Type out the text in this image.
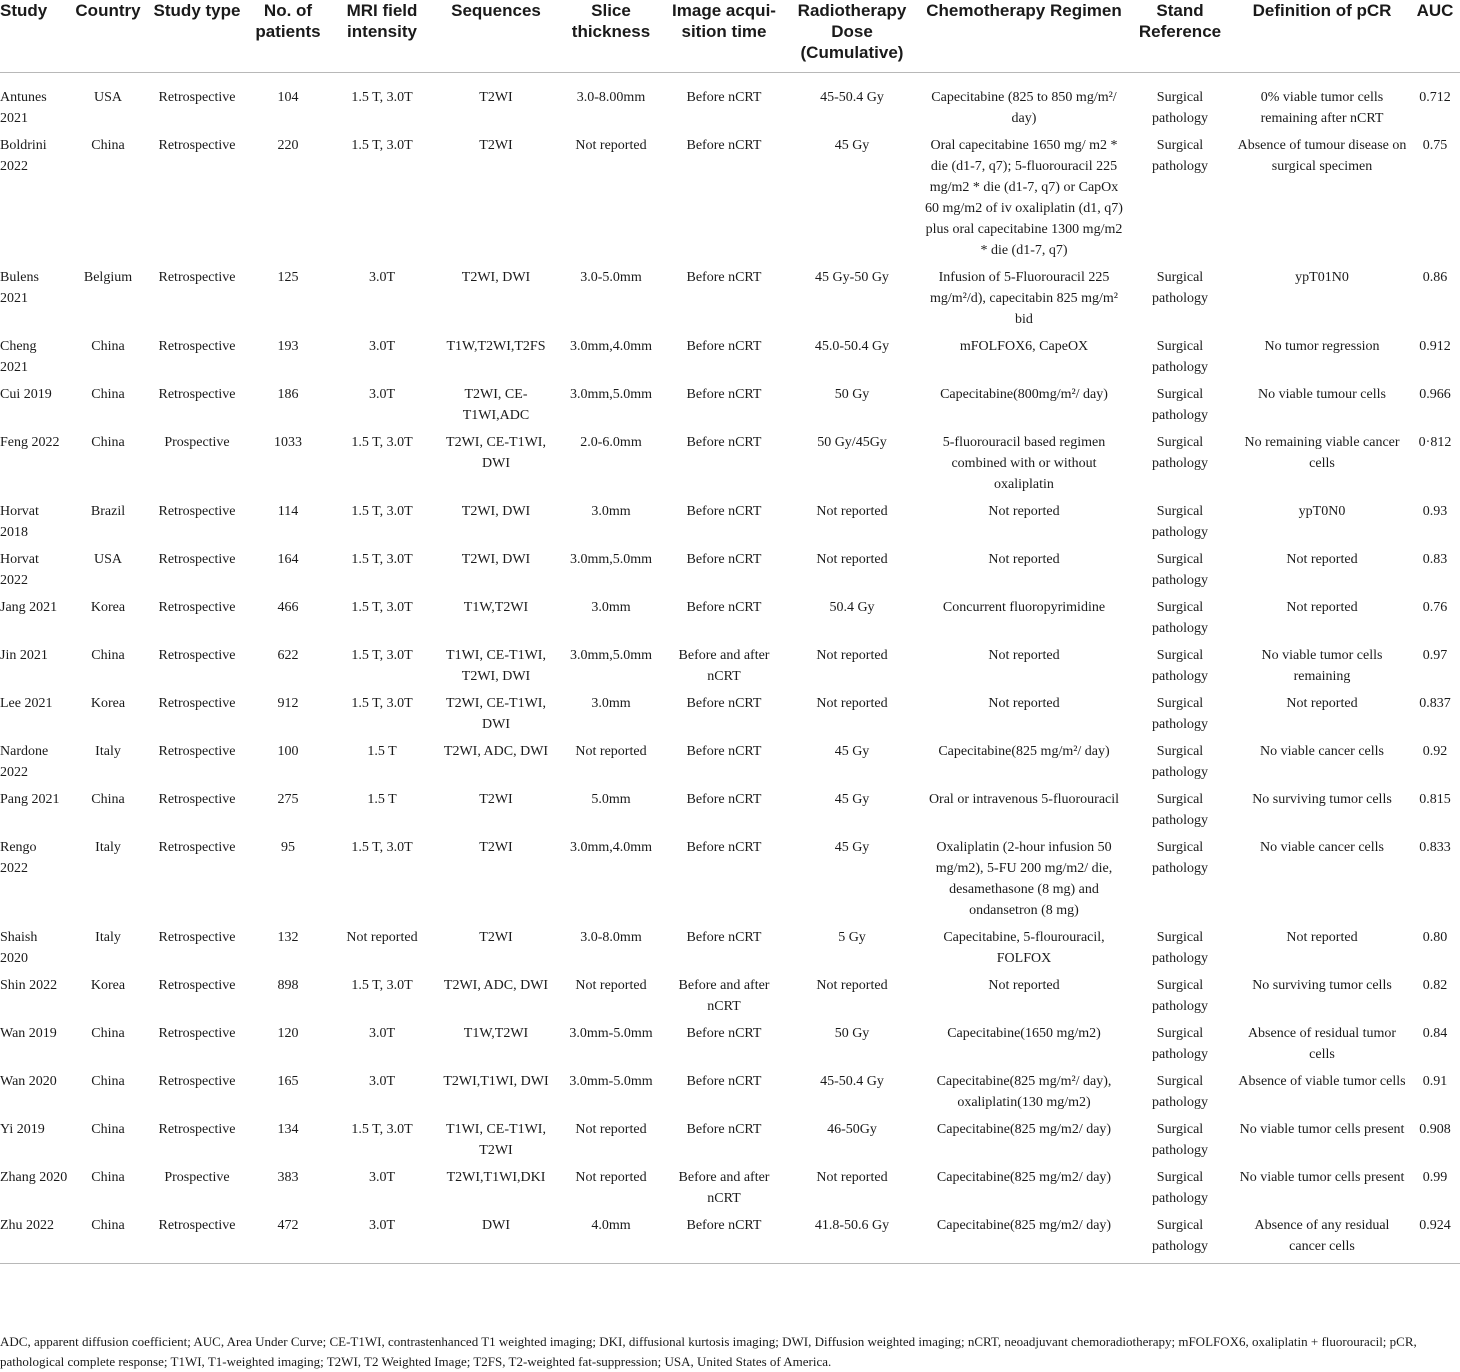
Study	Country	Study type	No. of patients	MRI field intensity	Sequences	Slice thickness	Image acqui-sition time	Radiotherapy Dose (Cumulative)	Chemotherapy Regimen	Stand Reference	Definition of pCR	AUC
Antunes 2021	USA	Retrospective	104	1.5 T, 3.0T	T2WI	3.0-8.00mm	Before nCRT	45-50.4 Gy	Capecitabine (825 to 850 mg/m²/ day)	Surgical pathology	0% viable tumor cells remaining after nCRT	0.712
Boldrini 2022	China	Retrospective	220	1.5 T, 3.0T	T2WI	Not reported	Before nCRT	45 Gy	Oral capecitabine 1650 mg/ m2 * die (d1-7, q7); 5-fluorouracil 225 mg/m2 * die (d1-7, q7) or CapOx 60 mg/m2 of iv oxaliplatin (d1, q7) plus oral capecitabine 1300 mg/m2 * die (d1-7, q7)	Surgical pathology	Absence of tumour disease on surgical specimen	0.75
Bulens 2021	Belgium	Retrospective	125	3.0T	T2WI, DWI	3.0-5.0mm	Before nCRT	45 Gy-50 Gy	Infusion of 5-Fluorouracil 225 mg/m²/d), capecitabin 825 mg/m² bid	Surgical pathology	ypT01N0	0.86
Cheng 2021	China	Retrospective	193	3.0T	T1W,T2WI,T2FS	3.0mm,4.0mm	Before nCRT	45.0-50.4 Gy	mFOLFOX6, CapeOX	Surgical pathology	No tumor regression	0.912
Cui 2019	China	Retrospective	186	3.0T	T2WI, CE-T1WI,ADC	3.0mm,5.0mm	Before nCRT	50 Gy	Capecitabine(800mg/m²/ day)	Surgical pathology	No viable tumour cells	0.966
Feng 2022	China	Prospective	1033	1.5 T, 3.0T	T2WI, CE-T1WI, DWI	2.0-6.0mm	Before nCRT	50 Gy/45Gy	5-fluorouracil based regimen combined with or without oxaliplatin	Surgical pathology	No remaining viable cancer cells	0·812
Horvat 2018	Brazil	Retrospective	114	1.5 T, 3.0T	T2WI, DWI	3.0mm	Before nCRT	Not reported	Not reported	Surgical pathology	ypT0N0	0.93
Horvat 2022	USA	Retrospective	164	1.5 T, 3.0T	T2WI, DWI	3.0mm,5.0mm	Before nCRT	Not reported	Not reported	Surgical pathology	Not reported	0.83
Jang 2021	Korea	Retrospective	466	1.5 T, 3.0T	T1W,T2WI	3.0mm	Before nCRT	50.4 Gy	Concurrent fluoropyrimidine	Surgical pathology	Not reported	0.76
Jin 2021	China	Retrospective	622	1.5 T, 3.0T	T1WI, CE-T1WI, T2WI, DWI	3.0mm,5.0mm	Before and after nCRT	Not reported	Not reported	Surgical pathology	No viable tumor cells remaining	0.97
Lee 2021	Korea	Retrospective	912	1.5 T, 3.0T	T2WI, CE-T1WI, DWI	3.0mm	Before nCRT	Not reported	Not reported	Surgical pathology	Not reported	0.837
Nardone 2022	Italy	Retrospective	100	1.5 T	T2WI, ADC, DWI	Not reported	Before nCRT	45 Gy	Capecitabine(825 mg/m²/ day)	Surgical pathology	No viable cancer cells	0.92
Pang 2021	China	Retrospective	275	1.5 T	T2WI	5.0mm	Before nCRT	45 Gy	Oral or intravenous 5-fluorouracil	Surgical pathology	No surviving tumor cells	0.815
Rengo 2022	Italy	Retrospective	95	1.5 T, 3.0T	T2WI	3.0mm,4.0mm	Before nCRT	45 Gy	Oxaliplatin (2-hour infusion 50 mg/m2), 5-FU 200 mg/m2/ die, desamethasone (8 mg) and ondansetron (8 mg)	Surgical pathology	No viable cancer cells	0.833
Shaish 2020	Italy	Retrospective	132	Not reported	T2WI	3.0-8.0mm	Before nCRT	5 Gy	Capecitabine, 5-flourouracil, FOLFOX	Surgical pathology	Not reported	0.80
Shin 2022	Korea	Retrospective	898	1.5 T, 3.0T	T2WI, ADC, DWI	Not reported	Before and after nCRT	Not reported	Not reported	Surgical pathology	No surviving tumor cells	0.82
Wan 2019	China	Retrospective	120	3.0T	T1W,T2WI	3.0mm-5.0mm	Before nCRT	50 Gy	Capecitabine(1650 mg/m2)	Surgical pathology	Absence of residual tumor cells	0.84
Wan 2020	China	Retrospective	165	3.0T	T2WI,T1WI, DWI	3.0mm-5.0mm	Before nCRT	45-50.4 Gy	Capecitabine(825 mg/m²/ day), oxaliplatin(130 mg/m2)	Surgical pathology	Absence of viable tumor cells	0.91
Yi 2019	China	Retrospective	134	1.5 T, 3.0T	T1WI, CE-T1WI, T2WI	Not reported	Before nCRT	46-50Gy	Capecitabine(825 mg/m2/ day)	Surgical pathology	No viable tumor cells present	0.908
Zhang 2020	China	Prospective	383	3.0T	T2WI,T1WI,DKI	Not reported	Before and after nCRT	Not reported	Capecitabine(825 mg/m2/ day)	Surgical pathology	No viable tumor cells present	0.99
Zhu 2022	China	Retrospective	472	3.0T	DWI	4.0mm	Before nCRT	41.8-50.6 Gy	Capecitabine(825 mg/m2/ day)	Surgical pathology	Absence of any residual cancer cells	0.924
ADC, apparent diffusion coefficient; AUC, Area Under Curve; CE-T1WI, contrastenhanced T1 weighted imaging; DKI, diffusional kurtosis imaging; DWI, Diffusion weighted imaging; nCRT, neoadjuvant chemoradiotherapy; mFOLFOX6, oxaliplatin + fluorouracil; pCR, pathological complete response; T1WI, T1-weighted imaging; T2WI, T2 Weighted Image; T2FS, T2-weighted fat-suppression; USA, United States of America.
